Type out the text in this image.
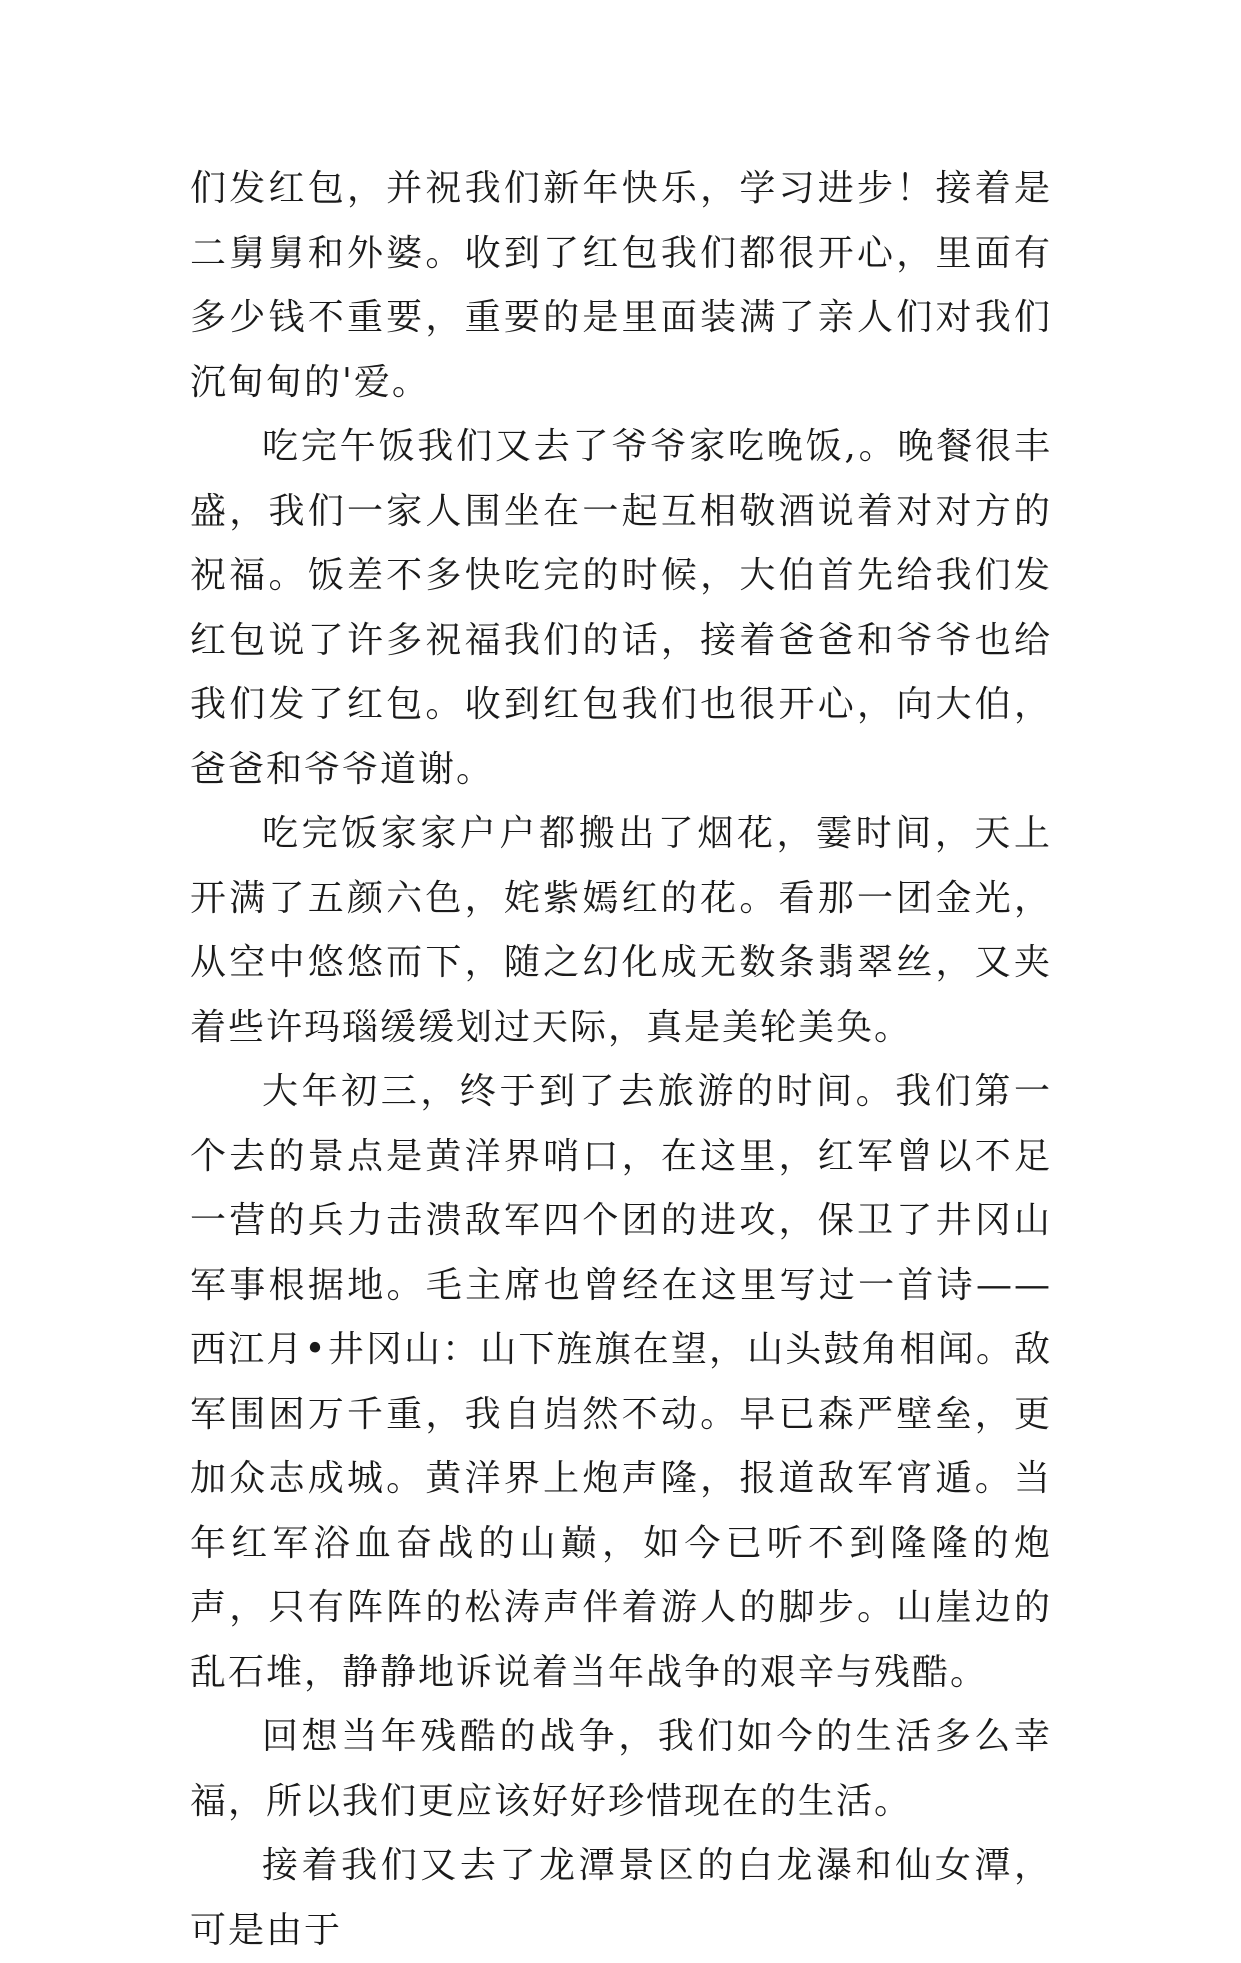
们发红包，并祝我们新年快乐，学习进步！接着是二舅舅和外婆。收到了红包我们都很开心，里面有多少钱不重要，重要的是里面装满了亲人们对我们沉甸甸的'爱。

吃完午饭我们又去了爷爷家吃晚饭,。晚餐很丰盛，我们一家人围坐在一起互相敬酒说着对对方的祝福。饭差不多快吃完的时候，大伯首先给我们发红包说了许多祝福我们的话，接着爸爸和爷爷也给我们发了红包。收到红包我们也很开心，向大伯，爸爸和爷爷道谢。

吃完饭家家户户都搬出了烟花，霎时间，天上开满了五颜六色，姹紫嫣红的花。看那一团金光，从空中悠悠而下，随之幻化成无数条翡翠丝，又夹着些许玛瑙缓缓划过天际，真是美轮美奂。

大年初三，终于到了去旅游的时间。我们第一个去的景点是黄洋界哨口，在这里，红军曾以不足一营的兵力击溃敌军四个团的进攻，保卫了井冈山军事根据地。毛主席也曾经在这里写过一首诗——西江月•井冈山：山下旌旗在望，山头鼓角相闻。敌军围困万千重，我自岿然不动。早已森严壁垒，更加众志成城。黄洋界上炮声隆，报道敌军宵遁。当年红军浴血奋战的山巅，如今已听不到隆隆的炮声，只有阵阵的松涛声伴着游人的脚步。山崖边的乱石堆，静静地诉说着当年战争的艰辛与残酷。

回想当年残酷的战争，我们如今的生活多么幸福，所以我们更应该好好珍惜现在的生活。

接着我们又去了龙潭景区的白龙瀑和仙女潭，可是由于
